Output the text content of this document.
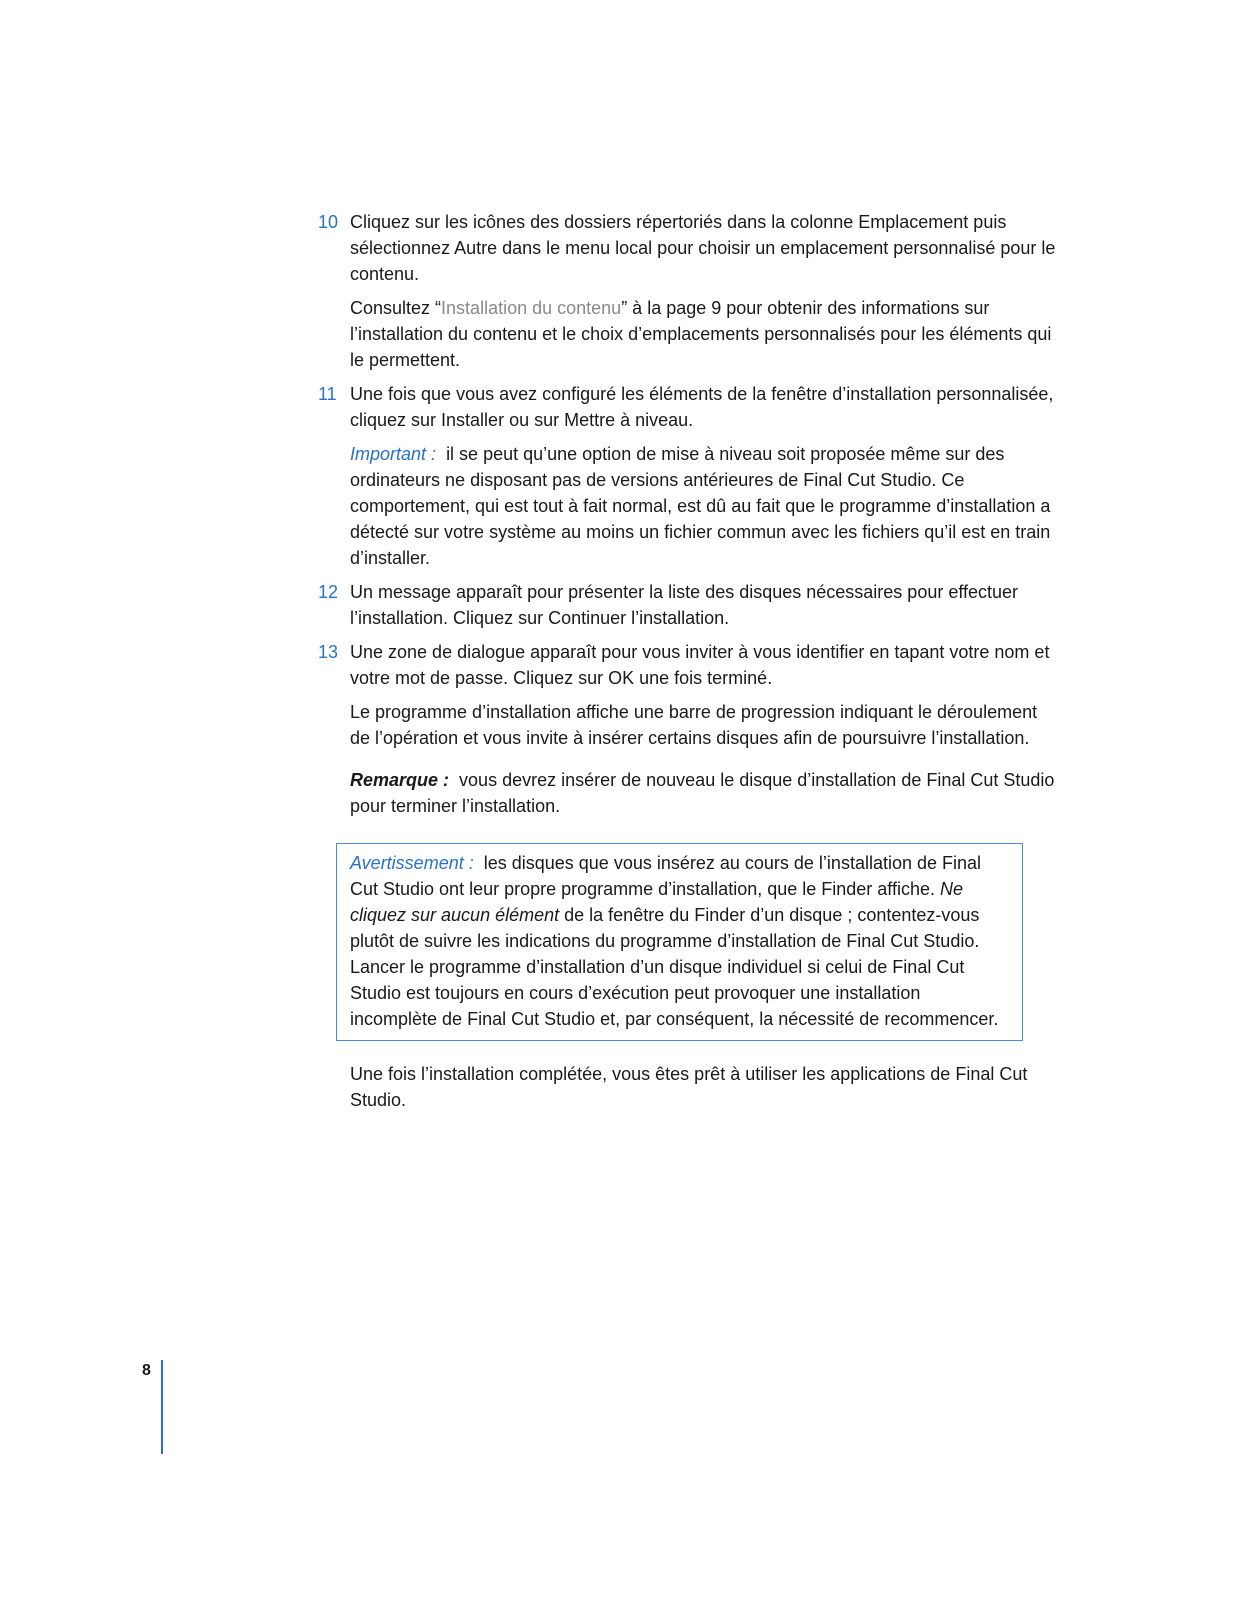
10 Cliquez sur les icônes des dossiers répertoriés dans la colonne Emplacement puis sélectionnez Autre dans le menu local pour choisir un emplacement personnalisé pour le contenu.

Consultez “Installation du contenu” à la page 9 pour obtenir des informations sur l’installation du contenu et le choix d’emplacements personnalisés pour les éléments qui le permettent.

11 Une fois que vous avez configuré les éléments de la fenêtre d’installation personnalisée, cliquez sur Installer ou sur Mettre à niveau.

Important : il se peut qu’une option de mise à niveau soit proposée même sur des ordinateurs ne disposant pas de versions antérieures de Final Cut Studio. Ce comportement, qui est tout à fait normal, est dû au fait que le programme d’installation a détecté sur votre système au moins un fichier commun avec les fichiers qu’il est en train d’installer.

12 Un message apparaît pour présenter la liste des disques nécessaires pour effectuer l’installation. Cliquez sur Continuer l’installation.

13 Une zone de dialogue apparaît pour vous inviter à vous identifier en tapant votre nom et votre mot de passe. Cliquez sur OK une fois terminé.

Le programme d’installation affiche une barre de progression indiquant le déroulement de l’opération et vous invite à insérer certains disques afin de poursuivre l’installation.

Remarque : vous devrez insérer de nouveau le disque d’installation de Final Cut Studio pour terminer l’installation.

Avertissement : les disques que vous insérez au cours de l’installation de Final Cut Studio ont leur propre programme d’installation, que le Finder affiche. Ne cliquez sur aucun élément de la fenêtre du Finder d’un disque ; contentez-vous plutôt de suivre les indications du programme d’installation de Final Cut Studio. Lancer le programme d’installation d’un disque individuel si celui de Final Cut Studio est toujours en cours d’exécution peut provoquer une installation incomplète de Final Cut Studio et, par conséquent, la nécessité de recommencer.

Une fois l’installation complétée, vous êtes prêt à utiliser les applications de Final Cut Studio.

8
